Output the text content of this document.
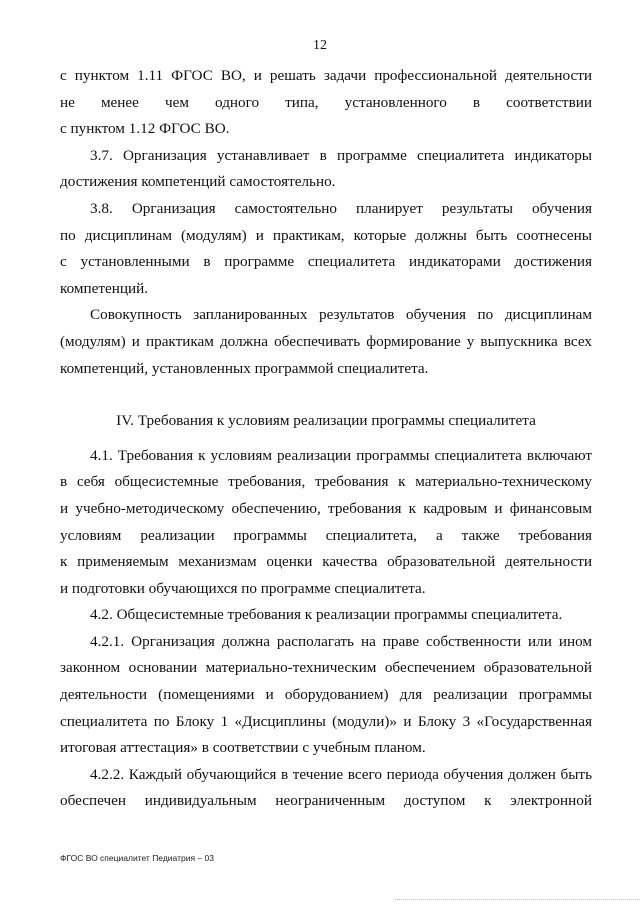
12

с пунктом 1.11 ФГОС ВО, и решать задачи профессиональной деятельности

не менее чем одного типа, установленного в соответствии

с пунктом 1.12 ФГОС ВО.

3.7. Организация устанавливает в программе специалитета индикаторы

достижения компетенций самостоятельно.

3.8. Организация самостоятельно планирует результаты обучения

по дисциплинам (модулям) и практикам, которые должны быть соотнесены

с установленными в программе специалитета индикаторами достижения

компетенций.

Совокупность запланированных результатов обучения по дисциплинам

(модулям) и практикам должна обеспечивать формирование у выпускника всех

компетенций, установленных программой специалитета.

IV. Требования к условиям реализации программы специалитета

4.1. Требования к условиям реализации программы специалитета включают

в себя общесистемные требования, требования к материально-техническому

и учебно-методическому обеспечению, требования к кадровым и финансовым

условиям реализации программы специалитета, а также требования

к применяемым механизмам оценки качества образовательной деятельности

и подготовки обучающихся по программе специалитета.

4.2. Общесистемные требования к реализации программы специалитета.

4.2.1. Организация должна располагать на праве собственности или ином

законном основании материально-техническим обеспечением образовательной

деятельности (помещениями и оборудованием) для реализации программы

специалитета по Блоку 1 «Дисциплины (модули)» и Блоку 3 «Государственная

итоговая аттестация» в соответствии с учебным планом.

4.2.2. Каждый обучающийся в течение всего периода обучения должен быть

обеспечен индивидуальным неограниченным доступом к электронной

ФГОС ВО специалитет Педиатрия – 03
